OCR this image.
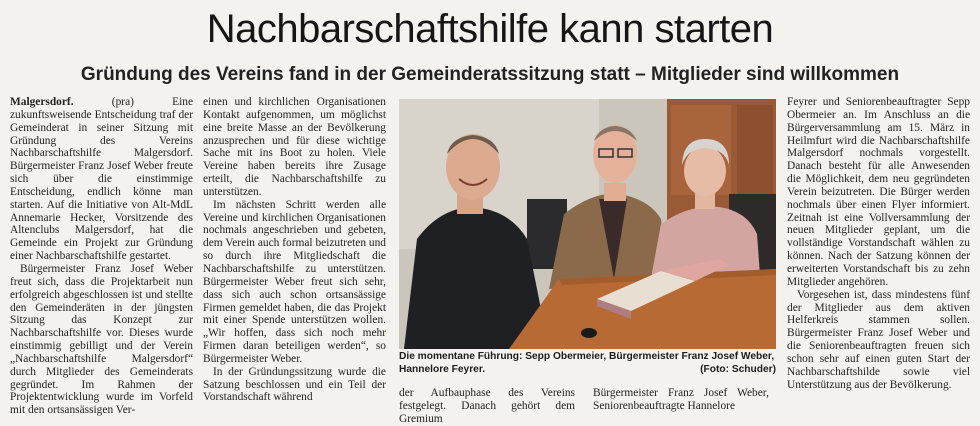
Nachbarschaftshilfe kann starten
Gründung des Vereins fand in der Gemeinderatssitzung statt – Mitglieder sind willkommen

Malgersdorf. (pra) Eine zukunftsweisende Entscheidung traf der Gemeinderat in seiner Sitzung mit Gründung des Vereins Nachbarschaftshilfe Malgersdorf. Bürgermeister Franz Josef Weber freute sich über die einstimmige Entscheidung, endlich könne man starten. Auf die Initiative von Alt-MdL Annemarie Hecker, Vorsitzende des Altenclubs Malgersdorf, hat die Gemeinde ein Projekt zur Gründung einer Nachbarschaftshilfe gestartet.

Bürgermeister Franz Josef Weber freut sich, dass die Projektarbeit nun erfolgreich abgeschlossen ist und stellte den Gemeinderäten in der jüngsten Sitzung das Konzept zur Nachbarschaftshilfe vor. Dieses wurde einstimmig gebilligt und der Verein „Nachbarschaftshilfe Malgersdorf“ durch Mitglieder des Gemeinderats gegründet. Im Rahmen der Projektentwicklung wurde im Vorfeld mit den ortsansässigen Ver-

einen und kirchlichen Organisationen Kontakt aufgenommen, um möglichst eine breite Masse an der Bevölkerung anzusprechen und für diese wichtige Sache mit ins Boot zu holen. Viele Vereine haben bereits ihre Zusage erteilt, die Nachbarschaftshilfe zu unterstützen.

Im nächsten Schritt werden alle Vereine und kirchlichen Organisationen nochmals angeschrieben und gebeten, dem Verein auch formal beizutreten und so durch ihre Mitgliedschaft die Nachbarschaftshilfe zu unterstützen. Bürgermeister Weber freut sich sehr, dass sich auch schon ortsansässige Firmen gemeldet haben, die das Projekt mit einer Spende unterstützen wollen. „Wir hoffen, dass sich noch mehr Firmen daran beteiligen werden“, so Bürgermeister Weber.

In der Gründungssitzung wurde die Satzung beschlossen und ein Teil der Vorstandschaft während

Die momentane Führung: Sepp Obermeier, Bürgermeister Franz Josef Weber,
Hannelore Feyrer.	(Foto: Schuder)

der Aufbauphase des Vereins festgelegt. Danach gehört dem Gremium

Bürgermeister Franz Josef Weber, Seniorenbeauftragte Hannelore

Feyrer und Seniorenbeauftragter Sepp Obermeier an. Im Anschluss an die Bürgerversammlung am 15. März in Heilmfurt wird die Nachbarschaftshilfe Malgersdorf nochmals vorgestellt. Danach besteht für alle Anwesenden die Möglichkeit, dem neu gegründeten Verein beizutreten. Die Bürger werden nochmals über einen Flyer informiert. Zeitnah ist eine Vollversammlung der neuen Mitglieder geplant, um die vollständige Vorstandschaft wählen zu können. Nach der Satzung können der erweiterten Vorstandschaft bis zu zehn Mitglieder angehören.

Vorgesehen ist, dass mindestens fünf der Mitglieder aus dem aktiven Helferkreis stammen sollen. Bürgermeister Franz Josef Weber und die Seniorenbeauftragten freuen sich schon sehr auf einen guten Start der Nachbarschaftshilde sowie viel Unterstützung aus der Bevölkerung.
